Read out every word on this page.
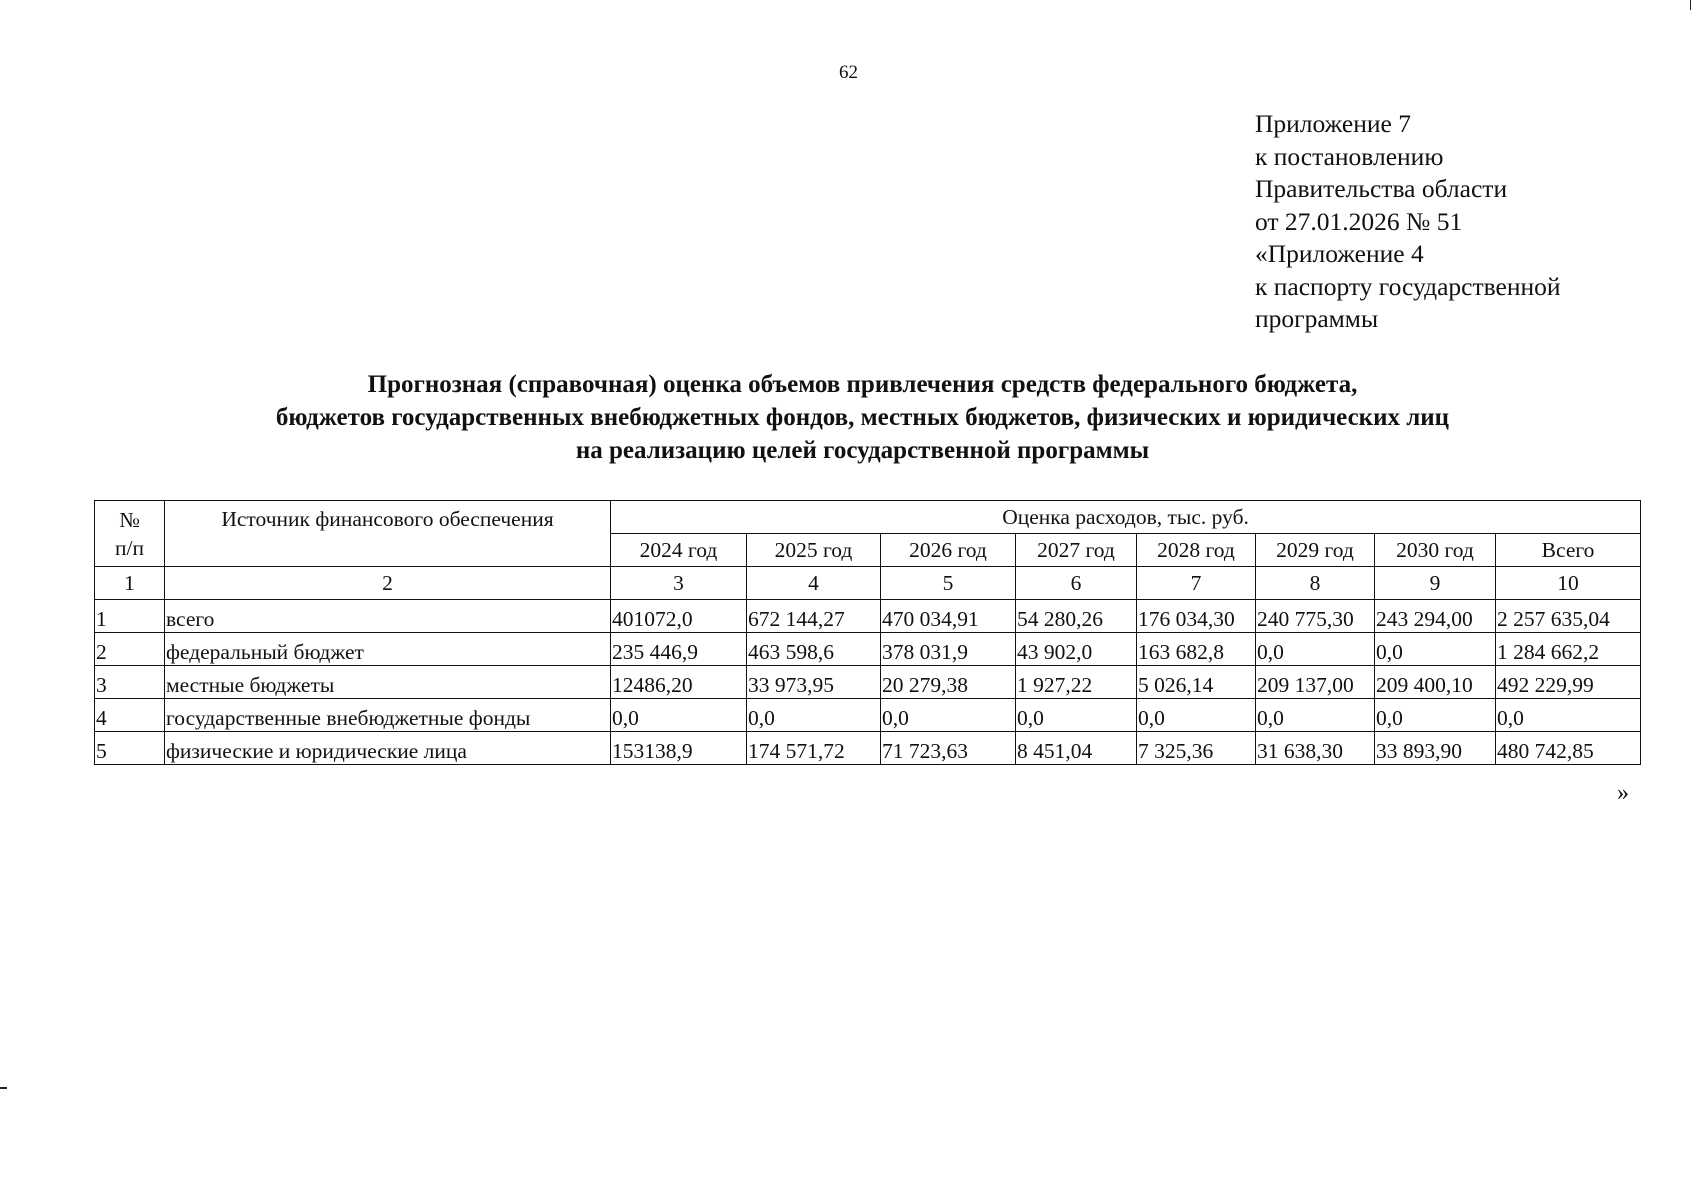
62
Приложение 7
к постановлению
Правительства области
от 27.01.2026 № 51
«Приложение 4
к паспорту государственной
программы
Прогнозная (справочная) оценка объемов привлечения средств федерального бюджета,
бюджетов государственных внебюджетных фондов, местных бюджетов, физических и юридических лиц
на реализацию целей государственной программы
№
п/п	Источник финансового обеспечения	Оценка расходов, тыс. руб.							
		2024 год	2025 год	2026 год	2027 год	2028 год	2029 год	2030 год	Всего
1	2	3	4	5	6	7	8	9	10
1	всего	401072,0	672 144,27	470 034,91	54 280,26	176 034,30	240 775,30	243 294,00	2 257 635,04
2	федеральный бюджет	235 446,9	463 598,6	378 031,9	43 902,0	163 682,8	0,0	0,0	1 284 662,2
3	местные бюджеты	12486,20	33 973,95	20 279,38	1 927,22	5 026,14	209 137,00	209 400,10	492 229,99
4	государственные внебюджетные фонды	0,0	0,0	0,0	0,0	0,0	0,0	0,0	0,0
5	физические и юридические лица	153138,9	174 571,72	71 723,63	8 451,04	7 325,36	31 638,30	33 893,90	480 742,85
»
